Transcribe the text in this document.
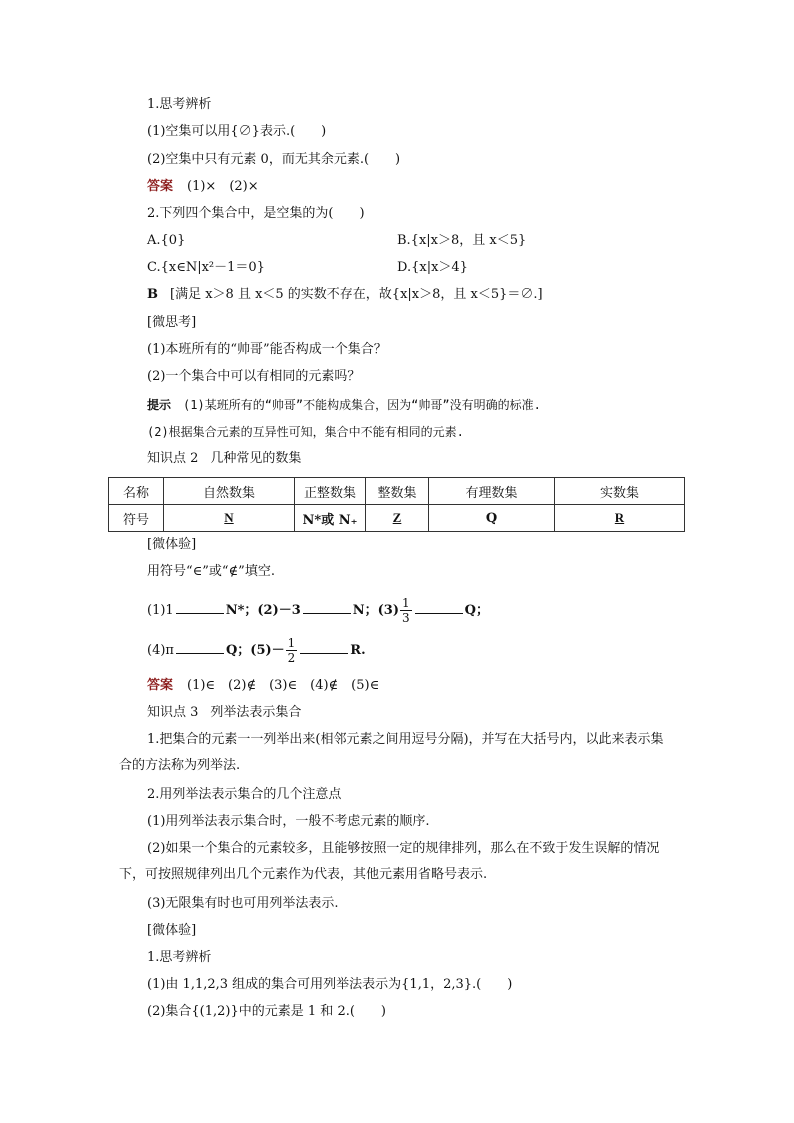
1.思考辨析
(1)空集可以用{∅}表示.(　　)
(2)空集中只有元素 0，而无其余元素.(　　)
答案 (1)×　(2)×
2.下列四个集合中，是空集的为(　　)
A.{0}	B.{x|x＞8，且 x＜5}
C.{x∈N|x²－1＝0}	D.{x|x＞4}
B [满足 x＞8 且 x＜5 的实数不存在，故{x|x＞8，且 x＜5}＝∅.]
[微思考]
(1)本班所有的“帅哥”能否构成一个集合？
(2)一个集合中可以有相同的元素吗？
提示 (1)某班所有的“帅哥”不能构成集合，因为“帅哥”没有明确的标准.
(2)根据集合元素的互异性可知，集合中不能有相同的元素.
知识点 2 几种常见的数集
名称	自然数集	正整数集	整数集	有理数集	实数集
符号	N	N*或 N₊	Z	Q	R
[微体验]
用符号“∈”或“∉”填空.
(1)1	N*；(2)－3	N；$(3) \frac{1}{3}$	Q；
(4)π	Q；$(5)- \frac{1}{2}$	R.
答案 (1)∈　(2)∉　(3)∈　(4)∉　(5)∈
知识点 3 列举法表示集合
1.把集合的元素一一列举出来(相邻元素之间用逗号分隔)，并写在大括号内，以此来表示集合的方法称为列举法.
2.用列举法表示集合的几个注意点
(1)用列举法表示集合时，一般不考虑元素的顺序.
(2)如果一个集合的元素较多，且能够按照一定的规律排列，那么在不致于发生误解的情况下，可按照规律列出几个元素作为代表，其他元素用省略号表示.
(3)无限集有时也可用列举法表示.
[微体验]
1.思考辨析
(1)由 1,1,2,3 组成的集合可用列举法表示为{1,1，2,3}.(　　)
(2)集合{(1,2)}中的元素是 1 和 2.(　　)
